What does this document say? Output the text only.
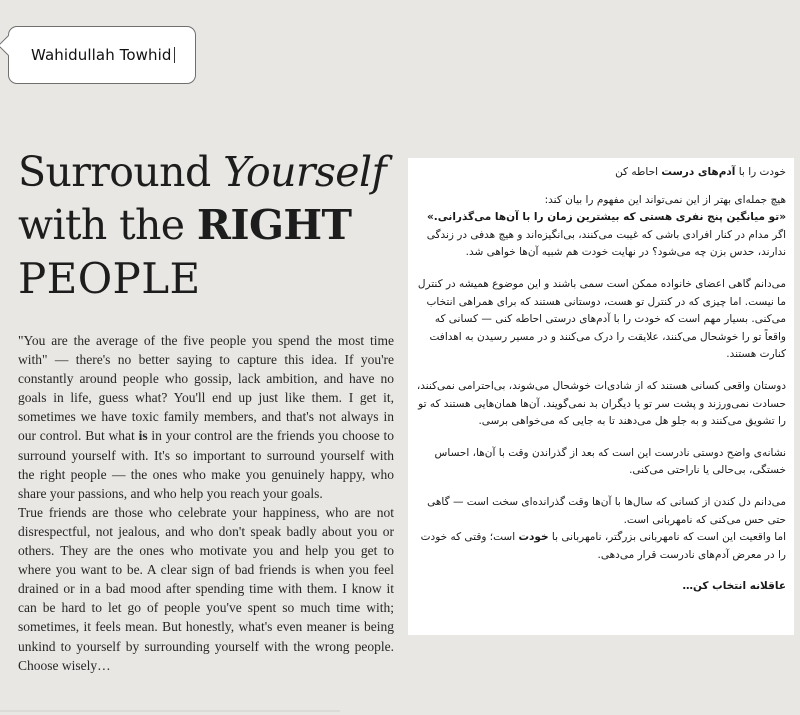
Wahidullah Towhid
Surround Yourself
with the RIGHT
PEOPLE

"You are the average of the five people you spend the most time with" — there's no better saying to capture this idea. If you're constantly around people who gossip, lack ambition, and have no goals in life, guess what? You'll end up just like them. I get it, sometimes we have toxic family members, and that's not always in our control. But what is in your control are the friends you choose to surround yourself with. It's so important to surround yourself with the right people — the ones who make you genuinely happy, who share your passions, and who help you reach your goals.

True friends are those who celebrate your happiness, who are not disrespectful, not jealous, and who don't speak badly about you or others. They are the ones who motivate you and help you get to where you want to be. A clear sign of bad friends is when you feel drained or in a bad mood after spending time with them. I know it can be hard to let go of people you've spent so much time with; sometimes, it feels mean. But honestly, what's even meaner is being unkind to yourself by surrounding yourself with the wrong people. Choose wisely…

خودت را با آدم‌های درست احاطه کن

هیچ جمله‌ای بهتر از این نمی‌تواند این مفهوم را بیان کند:
«تو میانگین پنج نفری هستی که بیشترین زمان را با آن‌ها می‌گذرانی.»
اگر مدام در کنار افرادی باشی که غیبت می‌کنند، بی‌انگیزه‌اند و هیچ هدفی در زندگی ندارند، حدس بزن چه می‌شود؟ در نهایت خودت هم شبیه آن‌ها خواهی شد.

می‌دانم گاهی اعضای خانواده ممکن است سمی باشند و این موضوع همیشه در کنترل ما نیست. اما چیزی که در کنترل تو هست، دوستانی هستند که برای همراهی انتخاب می‌کنی. بسیار مهم است که خودت را با آدم‌های درستی احاطه کنی — کسانی که واقعاً تو را خوشحال می‌کنند، علایقت را درک می‌کنند و در مسیر رسیدن به اهدافت کنارت هستند.

دوستان واقعی کسانی هستند که از شادی‌ات خوشحال می‌شوند، بی‌احترامی نمی‌کنند، حسادت نمی‌ورزند و پشت سر تو یا دیگران بد نمی‌گویند. آن‌ها همان‌هایی هستند که تو را تشویق می‌کنند و به جلو هل می‌دهند تا به جایی که می‌خواهی برسی.

نشانه‌ی واضح دوستی نادرست این است که بعد از گذراندن وقت با آن‌ها، احساس خستگی، بی‌حالی یا ناراحتی می‌کنی.

می‌دانم دل کندن از کسانی که سال‌ها با آن‌ها وقت گذرانده‌ای سخت است — گاهی حتی حس می‌کنی که نامهربانی است.
اما واقعیت این است که نامهربانی بزرگتر، نامهربانی با خودت است؛ وقتی که خودت را در معرض آدم‌های نادرست قرار می‌دهی.

عاقلانه انتخاب کن…
